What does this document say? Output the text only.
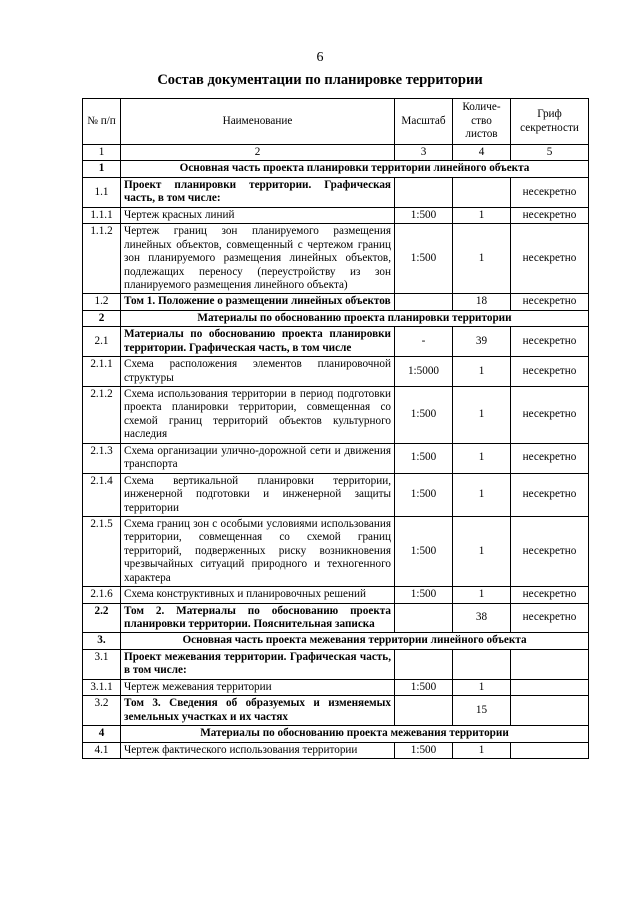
6
Состав документации по планировке территории
№ п/п	Наименование	Масштаб	Количе-ство листов	Гриф секретности
1	2	3	4	5
1	Основная часть проекта планировки территории линейного объекта			
1.1	Проект планировки территории. Графическая часть, в том числе:			несекретно
1.1.1	Чертеж красных линий	1:500	1	несекретно
1.1.2	Чертеж границ зон планируемого размещения линейных объектов, совмещенный с чертежом границ зон планируемого размещения линейных объектов, подлежащих переносу (переустройству из зон планируемого размещения линейного объекта)	1:500	1	несекретно
1.2	Том 1. Положение о размещении линейных объектов		18	несекретно
2	Материалы по обоснованию проекта планировки территории			
2.1	Материалы по обоснованию проекта планировки территории. Графическая часть, в том числе	-	39	несекретно
2.1.1	Схема расположения элементов планировочной структуры	1:5000	1	несекретно
2.1.2	Схема использования территории в период подготовки проекта планировки территории, совмещенная со схемой границ территорий объектов культурного наследия	1:500	1	несекретно
2.1.3	Схема организации улично-дорожной сети и движения транспорта	1:500	1	несекретно
2.1.4	Схема вертикальной планировки территории, инженерной подготовки и инженерной защиты территории	1:500	1	несекретно
2.1.5	Схема границ зон с особыми условиями использования территории, совмещенная со схемой границ территорий, подверженных риску возникновения чрезвычайных ситуаций природного и техногенного характера	1:500	1	несекретно
2.1.6	Схема конструктивных и планировочных решений	1:500	1	несекретно
2.2	Том 2. Материалы по обоснованию проекта планировки территории. Пояснительная записка		38	несекретно
3.	Основная часть проекта межевания территории линейного объекта			
3.1	Проект межевания территории. Графическая часть, в том числе:			
3.1.1	Чертеж межевания территории	1:500	1	
3.2	Том 3. Сведения об образуемых и изменяемых земельных участках и их частях		15	
4	Материалы по обоснованию проекта межевания территории			
4.1	Чертеж фактического использования территории	1:500	1	
